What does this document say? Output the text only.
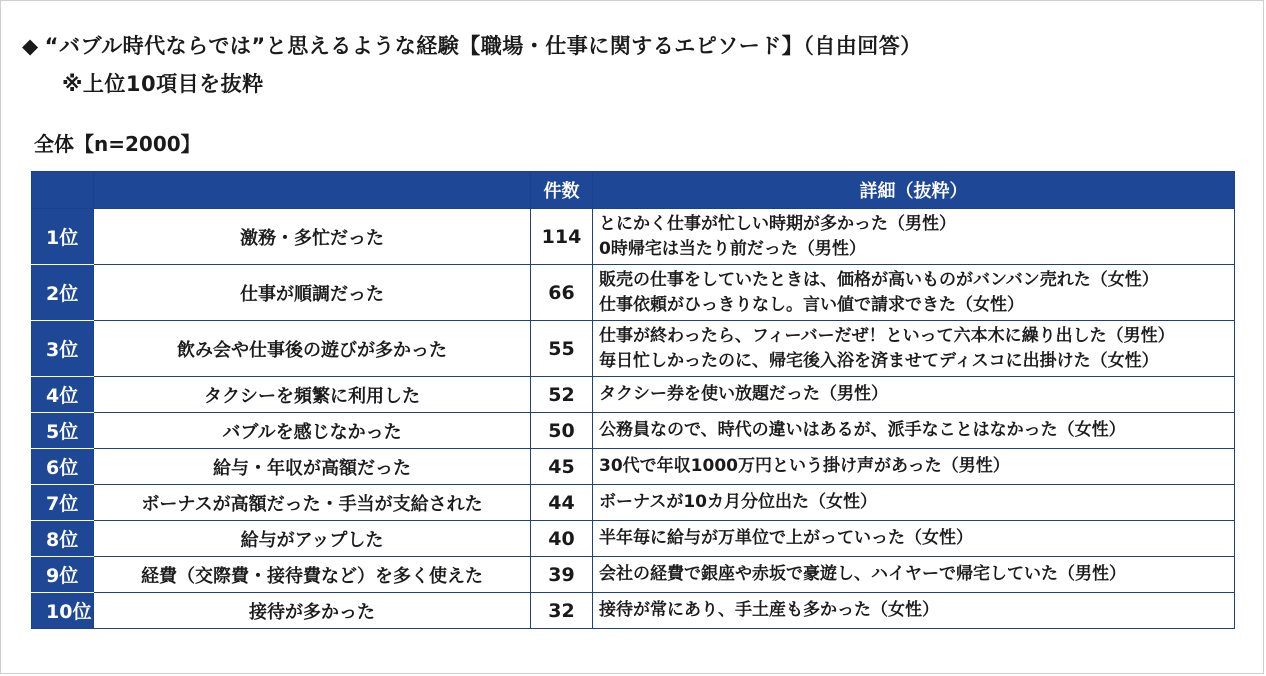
◆ “バブル時代ならでは”と思えるような経験【職場・仕事に関するエピソード】（自由回答）
※上位10項目を抜粋
全体【n=2000】
		件数	詳細（抜粋）
1位	激務・多忙だった	114	とにかく仕事が忙しい時期が多かった（男性）
0時帰宅は当たり前だった（男性）

2位	仕事が順調だった	66	販売の仕事をしていたときは、価格が高いものがバンバン売れた（女性）
仕事依頼がひっきりなし。言い値で請求できた（女性）

3位	飲み会や仕事後の遊びが多かった	55	仕事が終わったら、フィーバーだぜ！といって六本木に繰り出した（男性）
毎日忙しかったのに、帰宅後入浴を済ませてディスコに出掛けた（女性）

4位	タクシーを頻繁に利用した	52	タクシー券を使い放題だった（男性）

5位	バブルを感じなかった	50	公務員なので、時代の違いはあるが、派手なことはなかった（女性）

6位	給与・年収が高額だった	45	30代で年収1000万円という掛け声があった（男性）

7位	ボーナスが高額だった・手当が支給された	44	ボーナスが10カ月分位出た（女性）

8位	給与がアップした	40	半年毎に給与が万単位で上がっていった（女性）

9位	経費（交際費・接待費など）を多く使えた	39	会社の経費で銀座や赤坂で豪遊し、ハイヤーで帰宅していた（男性）

10位	接待が多かった	32	接待が常にあり、手土産も多かった（女性）
